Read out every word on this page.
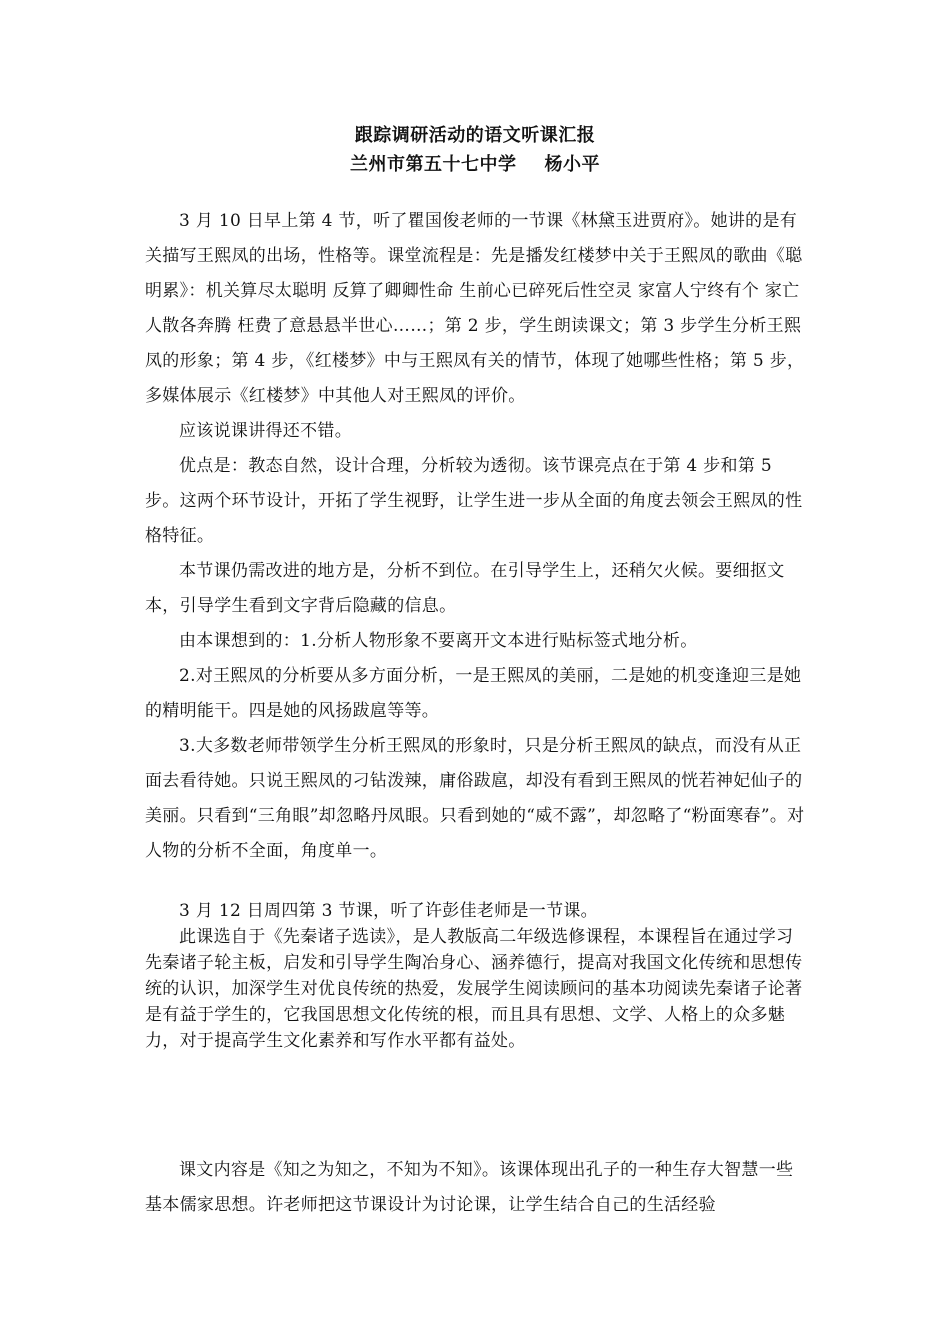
跟踪调研活动的语文听课汇报
兰州市第五十七中学 杨小平

3 月 10 日早上第 4 节，听了瞿国俊老师的一节课《林黛玉进贾府》。她讲的是有关描写王熙凤的出场，性格等。课堂流程是：先是播发红楼梦中关于王熙凤的歌曲《聪明累》：机关算尽太聪明 反算了卿卿性命 生前心已碎死后性空灵 家富人宁终有个 家亡人散各奔腾 枉费了意悬悬半世心……；第 2 步，学生朗读课文；第 3 步学生分析王熙凤的形象；第 4 步，《红楼梦》中与王熙凤有关的情节，体现了她哪些性格；第 5 步，多媒体展示《红楼梦》中其他人对王熙凤的评价。

应该说课讲得还不错。

优点是：教态自然，设计合理，分析较为透彻。该节课亮点在于第 4 步和第 5 步。这两个环节设计，开拓了学生视野，让学生进一步从全面的角度去领会王熙凤的性格特征。

本节课仍需改进的地方是，分析不到位。在引导学生上，还稍欠火候。要细抠文本，引导学生看到文字背后隐藏的信息。

由本课想到的：1.分析人物形象不要离开文本进行贴标签式地分析。

2.对王熙凤的分析要从多方面分析，一是王熙凤的美丽，二是她的机变逢迎三是她的精明能干。四是她的风扬跋扈等等。

3.大多数老师带领学生分析王熙凤的形象时，只是分析王熙凤的缺点，而没有从正面去看待她。只说王熙凤的刁钻泼辣，庸俗跋扈，却没有看到王熙凤的恍若神妃仙子的美丽。只看到“三角眼”却忽略丹凤眼。只看到她的“威不露”，却忽略了“粉面寒春”。对人物的分析不全面，角度单一。

3 月 12 日周四第 3 节课，听了许彭佳老师是一节课。

此课选自于《先秦诸子选读》，是人教版高二年级选修课程，本课程旨在通过学习先秦诸子轮主板，启发和引导学生陶冶身心、涵养德行，提高对我国文化传统和思想传统的认识，加深学生对优良传统的热爱，发展学生阅读顾问的基本功阅读先秦诸子论著是有益于学生的，它我国思想文化传统的根，而且具有思想、文学、人格上的众多魅力，对于提高学生文化素养和写作水平都有益处。

课文内容是《知之为知之，不知为不知》。该课体现出孔子的一种生存大智慧一些基本儒家思想。许老师把这节课设计为讨论课，让学生结合自己的生活经验
